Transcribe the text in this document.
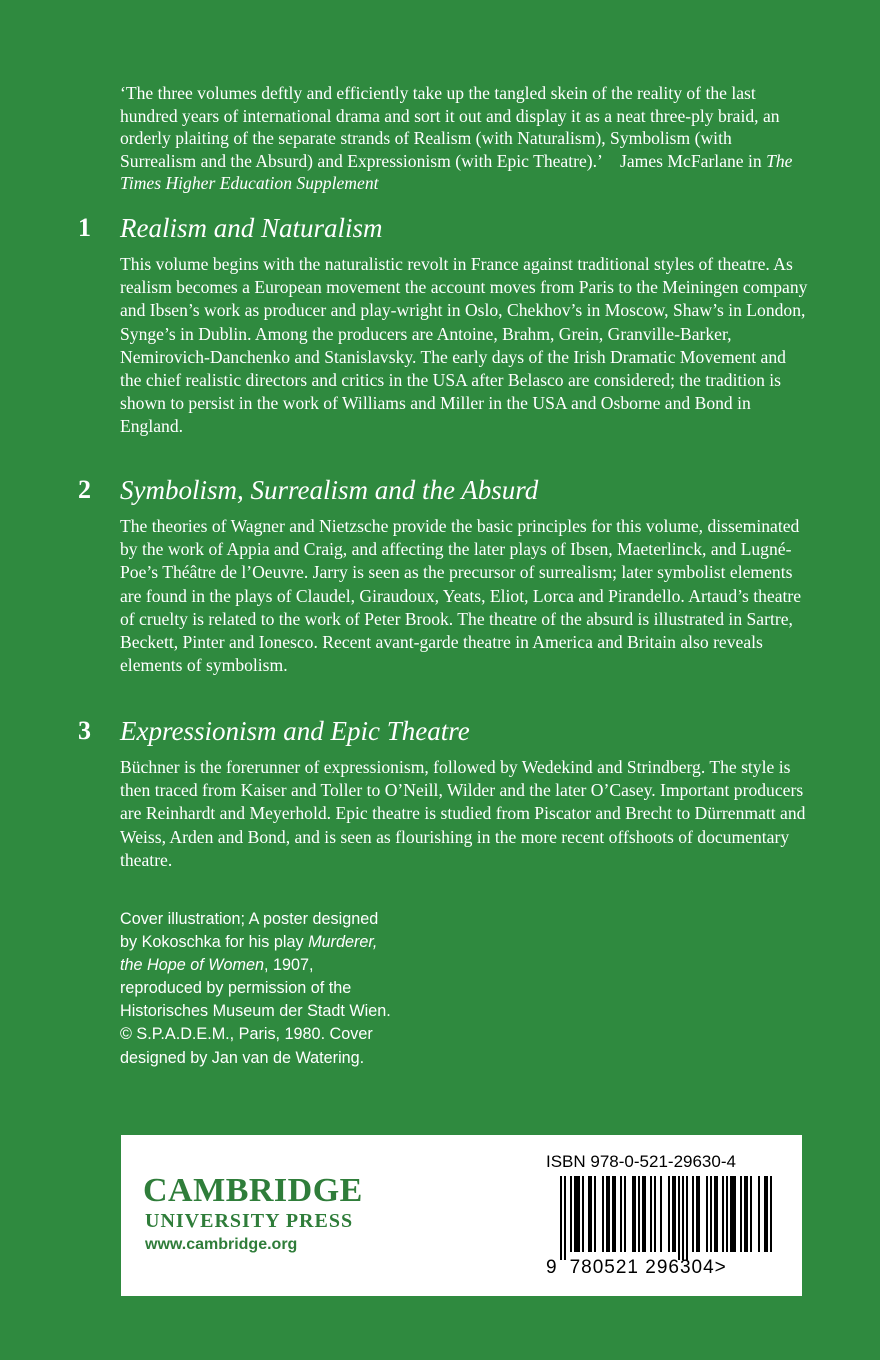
‘The three volumes deftly and efficiently take up the tangled skein of the reality of the last hundred years of international drama and sort it out and display it as a neat three-ply braid, an orderly plaiting of the separate strands of Realism (with Naturalism), Symbolism (with Surrealism and the Absurd) and Expressionism (with Epic Theatre).’ James McFarlane in The Times Higher Education Supplement
1 Realism and Naturalism
This volume begins with the naturalistic revolt in France against traditional styles of theatre. As realism becomes a European movement the account moves from Paris to the Meiningen company and Ibsen’s work as producer and play-wright in Oslo, Chekhov’s in Moscow, Shaw’s in London, Synge’s in Dublin. Among the producers are Antoine, Brahm, Grein, Granville-Barker, Nemirovich-Danchenko and Stanislavsky. The early days of the Irish Dramatic Movement and the chief realistic directors and critics in the USA after Belasco are considered; the tradition is shown to persist in the work of Williams and Miller in the USA and Osborne and Bond in England.
2 Symbolism, Surrealism and the Absurd
The theories of Wagner and Nietzsche provide the basic principles for this volume, disseminated by the work of Appia and Craig, and affecting the later plays of Ibsen, Maeterlinck, and Lugné-Poe’s Théâtre de l’Oeuvre. Jarry is seen as the precursor of surrealism; later symbolist elements are found in the plays of Claudel, Giraudoux, Yeats, Eliot, Lorca and Pirandello. Artaud’s theatre of cruelty is related to the work of Peter Brook. The theatre of the absurd is illustrated in Sartre, Beckett, Pinter and Ionesco. Recent avant-garde theatre in America and Britain also reveals elements of symbolism.
3 Expressionism and Epic Theatre
Büchner is the forerunner of expressionism, followed by Wedekind and Strindberg. The style is then traced from Kaiser and Toller to O’Neill, Wilder and the later O’Casey. Important producers are Reinhardt and Meyerhold. Epic theatre is studied from Piscator and Brecht to Dürrenmatt and Weiss, Arden and Bond, and is seen as flourishing in the more recent offshoots of documentary theatre.
Cover illustration; A poster designed by Kokoschka for his play Murderer, the Hope of Women, 1907, reproduced by permission of the Historisches Museum der Stadt Wien. © S.P.A.D.E.M., Paris, 1980. Cover designed by Jan van de Watering.
CAMBRIDGE
UNIVERSITY PRESS
www.cambridge.org
ISBN 978-0-521-29630-4
9 780521 296304>
